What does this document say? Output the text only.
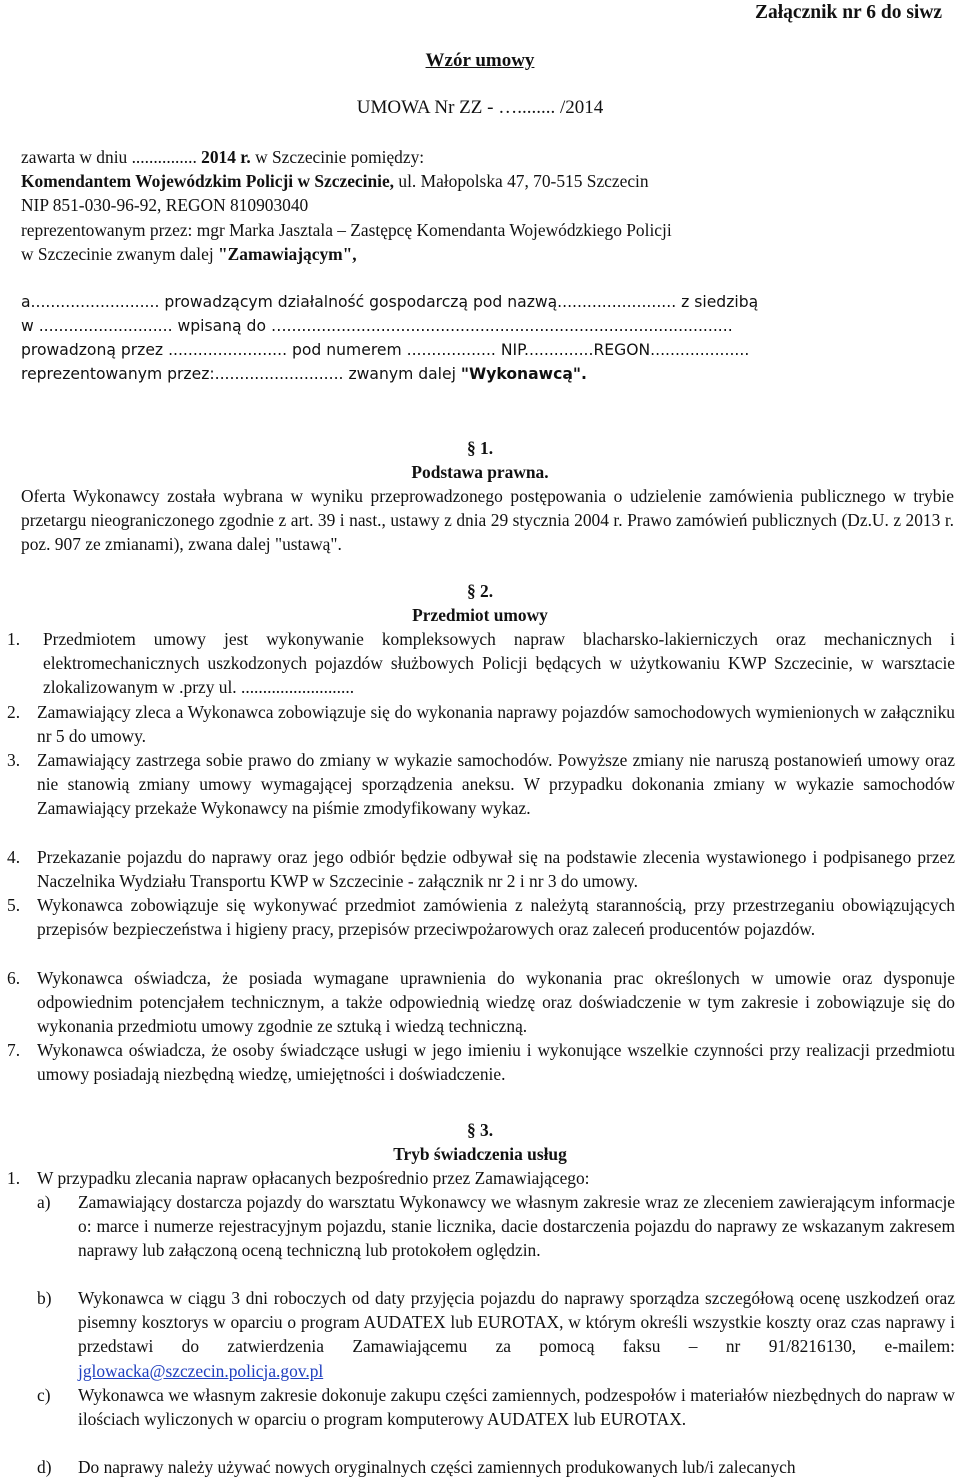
Załącznik nr 6 do siwz
Wzór umowy
UMOWA Nr ZZ - …........ /2014
zawarta w dniu ............... 2014 r. w Szczecinie pomiędzy:
Komendantem Wojewódzkim Policji w Szczecinie, ul. Małopolska 47, 70-515 Szczecin
NIP 851-030-96-92, REGON 810903040
reprezentowanym przez: mgr Marka Jasztala – Zastępcę Komendanta Wojewódzkiego Policji
w Szczecinie zwanym dalej "Zamawiającym",
a.......................... prowadzącym działalność gospodarczą pod nazwą........................ z siedzibą
w ........................... wpisaną do …..........................................................................................
prowadzoną przez ........................ pod numerem .................. NIP..............REGON....................
reprezentowanym przez:.......................... zwanym dalej "Wykonawcą".
§ 1.
Podstawa prawna.
Oferta Wykonawcy została wybrana w wyniku przeprowadzonego postępowania o udzielenie zamówienia publicznego w trybie przetargu nieograniczonego zgodnie z art. 39 i nast., ustawy z dnia 29 stycznia 2004 r. Prawo zamówień publicznych (Dz.U. z 2013 r. poz. 907 ze zmianami), zwana dalej "ustawą".
§ 2.
Przedmiot umowy
1. Przedmiotem umowy jest wykonywanie kompleksowych napraw blacharsko-lakierniczych oraz mechanicznych i elektromechanicznych uszkodzonych pojazdów służbowych Policji będących w użytkowaniu KWP Szczecinie, w warsztacie zlokalizowanym w .przy ul. ..........................
2. Zamawiający zleca a Wykonawca zobowiązuje się do wykonania naprawy pojazdów samochodowych wymienionych w załączniku nr 5 do umowy.
3. Zamawiający zastrzega sobie prawo do zmiany w wykazie samochodów. Powyższe zmiany nie naruszą postanowień umowy oraz nie stanowią zmiany umowy wymagającej sporządzenia aneksu. W przypadku dokonania zmiany w wykazie samochodów Zamawiający przekaże Wykonawcy na piśmie zmodyfikowany wykaz.
4. Przekazanie pojazdu do naprawy oraz jego odbiór będzie odbywał się na podstawie zlecenia wystawionego i podpisanego przez Naczelnika Wydziału Transportu KWP w Szczecinie - załącznik nr 2 i nr 3 do umowy.
5. Wykonawca zobowiązuje się wykonywać przedmiot zamówienia z należytą starannością, przy przestrzeganiu obowiązujących przepisów bezpieczeństwa i higieny pracy, przepisów przeciwpożarowych oraz zaleceń producentów pojazdów.
6. Wykonawca oświadcza, że posiada wymagane uprawnienia do wykonania prac określonych w umowie oraz dysponuje odpowiednim potencjałem technicznym, a także odpowiednią wiedzę oraz doświadczenie w tym zakresie i zobowiązuje się do wykonania przedmiotu umowy zgodnie ze sztuką i wiedzą techniczną.
7. Wykonawca oświadcza, że osoby świadczące usługi w jego imieniu i wykonujące wszelkie czynności przy realizacji przedmiotu umowy posiadają niezbędną wiedzę, umiejętności i doświadczenie.
§ 3.
Tryb świadczenia usług
1. W przypadku zlecania napraw opłacanych bezpośrednio przez Zamawiającego:
a) Zamawiający dostarcza pojazdy do warsztatu Wykonawcy we własnym zakresie wraz ze zleceniem zawierającym informacje o: marce i numerze rejestracyjnym pojazdu, stanie licznika, dacie dostarczenia pojazdu do naprawy ze wskazanym zakresem naprawy lub załączoną oceną techniczną lub protokołem oględzin.
b) Wykonawca w ciągu 3 dni roboczych od daty przyjęcia pojazdu do naprawy sporządza szczegółową ocenę uszkodzeń oraz pisemny kosztorys w oparciu o program AUDATEX lub EUROTAX, w którym określi wszystkie koszty oraz czas naprawy i przedstawi do zatwierdzenia Zamawiającemu za pomocą faksu – nr 91/8216130, e-mailem: jglowacka@szczecin.policja.gov.pl
c) Wykonawca we własnym zakresie dokonuje zakupu części zamiennych, podzespołów i materiałów niezbędnych do napraw w ilościach wyliczonych w oparciu o program komputerowy AUDATEX lub EUROTAX.
d) Do naprawy należy używać nowych oryginalnych części zamiennych produkowanych lub/i zalecanych
